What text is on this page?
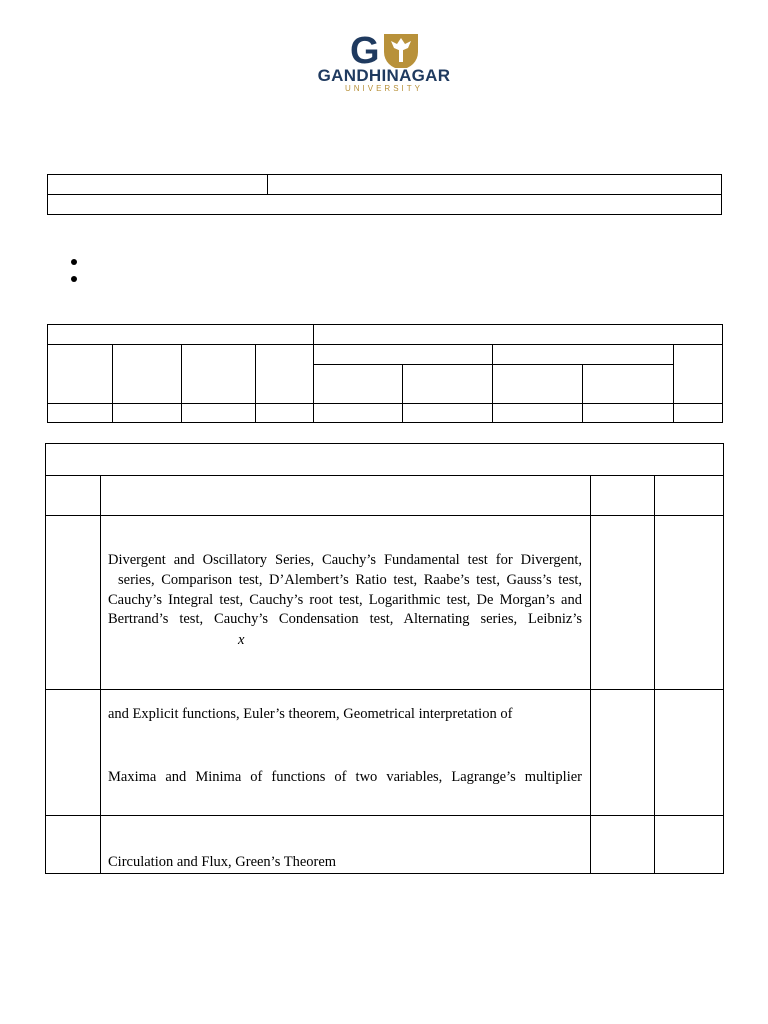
G
GANDHINAGAR
UNIVERSITY

Divergent and Oscillatory Series, Cauchy’s Fundamental test for Divergent,
series, Comparison test, D’Alembert’s Ratio test, Raabe’s test, Gauss’s test,
Cauchy’s Integral test, Cauchy’s root test, Logarithmic test, De Morgan’s and
Bertrand’s test, Cauchy’s Condensation test, Alternating series, Leibniz’s
x
and Explicit functions, Euler’s theorem, Geometrical interpretation of
Maxima and Minima of functions of two variables, Lagrange’s multiplier
Circulation and Flux, Green’s Theorem
